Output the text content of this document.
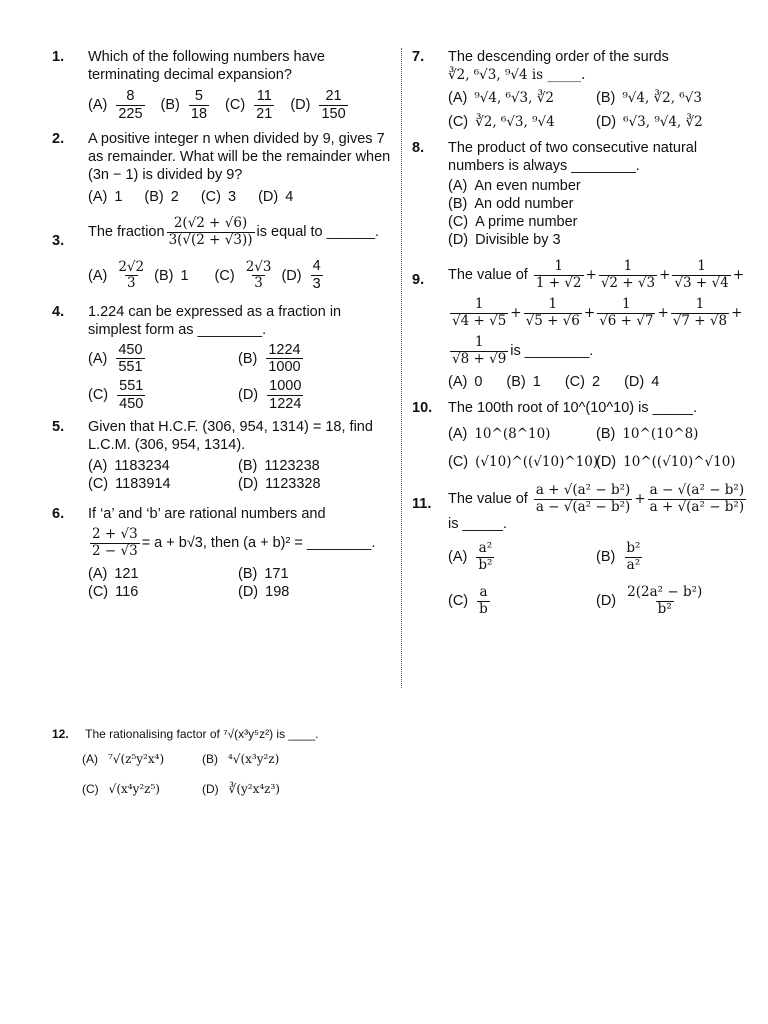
1. Which of the following numbers have terminating decimal expansion?
$(A) \frac{8}{225} (B) \frac{5}{18} (C) \frac{11}{21} (D) \frac{21}{150}$
2. A positive integer n when divided by 9, gives 7 as remainder. What will be the remainder when (3n − 1) is divided by 9?
(A) 1 (B) 2 (C) 3 (D) 4
3.
The fraction $\frac{2(√2 + √6)}{3(√(2 + √3))}$ is equal to ______.
$(A) \frac{2√2}{3} (B)$ 1 $(C) \frac{2√3}{3} (D) \frac{4}{3}$
4. 1.224 can be expressed as a fraction in simplest form as ________.
$(A) \frac{450}{551}$	$(B) \frac{1224}{1000}$
$(C) \frac{551}{450}$	$(D) \frac{1000}{1224}$
5. Given that H.C.F. (306, 954, 1314) = 18, find L.C.M. (306, 954, 1314).
(A) 1183234	(B) 1123238
(C) 1183914	(D) 1123328
6. If ‘a’ and ‘b’ are rational numbers and
$\frac{2 + √3}{2 - √3} = a + b√3$, then (a + b)² = ________.
(A) 121	(B) 171
(C) 116	(D) 198
7. The descending order of the surds
∛2, ⁶√3, ⁹√4 is _____.
(A) ⁹√4, ⁶√3, ∛2	(B) ⁹√4, ∛2, ⁶√3
(C) ∛2, ⁶√3, ⁹√4	(D) ⁶√3, ⁹√4, ∛2
8. The product of two consecutive natural numbers is always ________.
(A) An even number
(B) An odd number
(C) A prime number
(D) Divisible by 3
9. The value of $\frac{1}{1 + √2} + \frac{1}{√2 + √3} + \frac{1}{√3 + √4}$ +
$\frac{1}{√4 + √5} + \frac{1}{√5 + √6} + \frac{1}{√6 + √7} + \frac{1}{√7 + √8}$ +
$\frac{1}{√8 + √9}$ is ________.
(A) 0 (B) 1 (C) 2 (D) 4
10. The 100th root of 10^(10^10) is _____.
(A) 10^(8^10)	(B) 10^(10^8)
(C) (√10)^((√10)^10)
(D) 10^((√10)^√10)
11. The value of $\frac{\text{a + √(a² − b²)}}{\text{a − √(a² − b²)}} + \frac{\text{a − √(a² − b²)}}{\text{a + √(a² − b²)}}$
is _____.
$(A) \frac{\text{a²}}{\text{b²}}$	$(B) \frac{\text{b²}}{\text{a²}}$
$(C) \frac{a}{b}$	$(D) \frac{\text{2(2a² − b²)}}{\text{b²}}$
12. The rationalising factor of ⁷√(x³y⁵z²) is ____.
(A) ⁷√(z⁵y²x⁴)	(B) ⁴√(x³y²z)
(C) √(x⁴y²z⁵)	(D) ∛(y²x⁴z³)
